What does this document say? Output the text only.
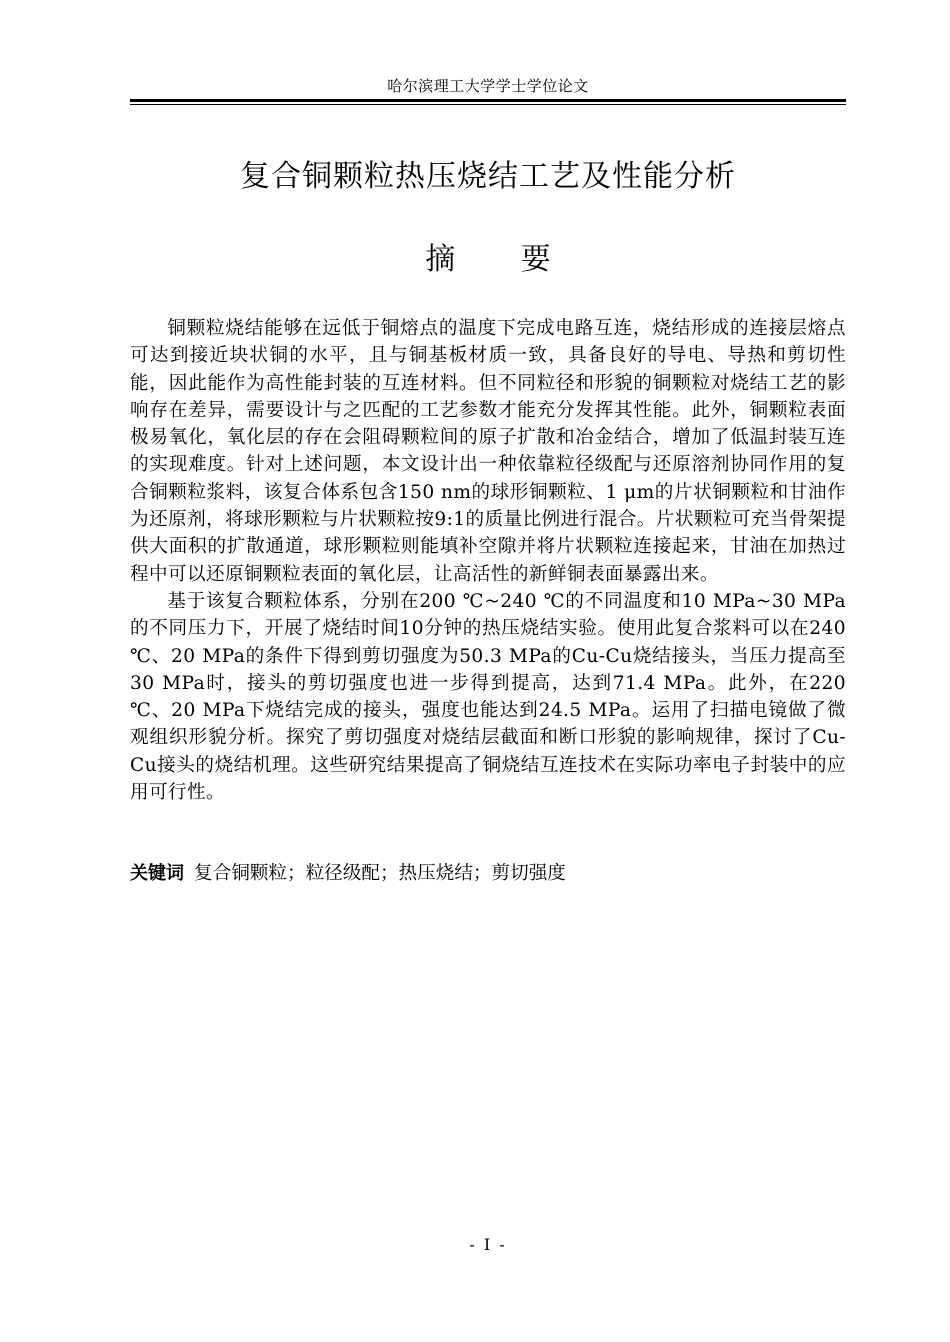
哈尔滨理工大学学士学位论文
复合铜颗粒热压烧结工艺及性能分析
摘 要

铜颗粒烧结能够在远低于铜熔点的温度下完成电路互连，烧结形成的连接层熔点可达到接近块状铜的水平，且与铜基板材质一致，具备良好的导电、导热和剪切性能，因此能作为高性能封装的互连材料。但不同粒径和形貌的铜颗粒对烧结工艺的影响存在差异，需要设计与之匹配的工艺参数才能充分发挥其性能。此外，铜颗粒表面极易氧化，氧化层的存在会阻碍颗粒间的原子扩散和冶金结合，增加了低温封装互连的实现难度。针对上述问题，本文设计出一种依靠粒径级配与还原溶剂协同作用的复合铜颗粒浆料，该复合体系包含150 nm的球形铜颗粒、1 μm的片状铜颗粒和甘油作为还原剂，将球形颗粒与片状颗粒按9:1的质量比例进行混合。片状颗粒可充当骨架提供大面积的扩散通道，球形颗粒则能填补空隙并将片状颗粒连接起来，甘油在加热过程中可以还原铜颗粒表面的氧化层，让高活性的新鲜铜表面暴露出来。

基于该复合颗粒体系，分别在200 ℃~240 ℃的不同温度和10 MPa~30 MPa的不同压力下，开展了烧结时间10分钟的热压烧结实验。使用此复合浆料可以在240 ℃、20 MPa的条件下得到剪切强度为50.3 MPa的Cu-Cu烧结接头，当压力提高至30 MPa时，接头的剪切强度也进一步得到提高，达到71.4 MPa。此外，在220 ℃、20 MPa下烧结完成的接头，强度也能达到24.5 MPa。运用了扫描电镜做了微观组织形貌分析。探究了剪切强度对烧结层截面和断口形貌的影响规律，探讨了Cu-Cu接头的烧结机理。这些研究结果提高了铜烧结互连技术在实际功率电子封装中的应用可行性。

关键词 复合铜颗粒；粒径级配；热压烧结；剪切强度
- I -
